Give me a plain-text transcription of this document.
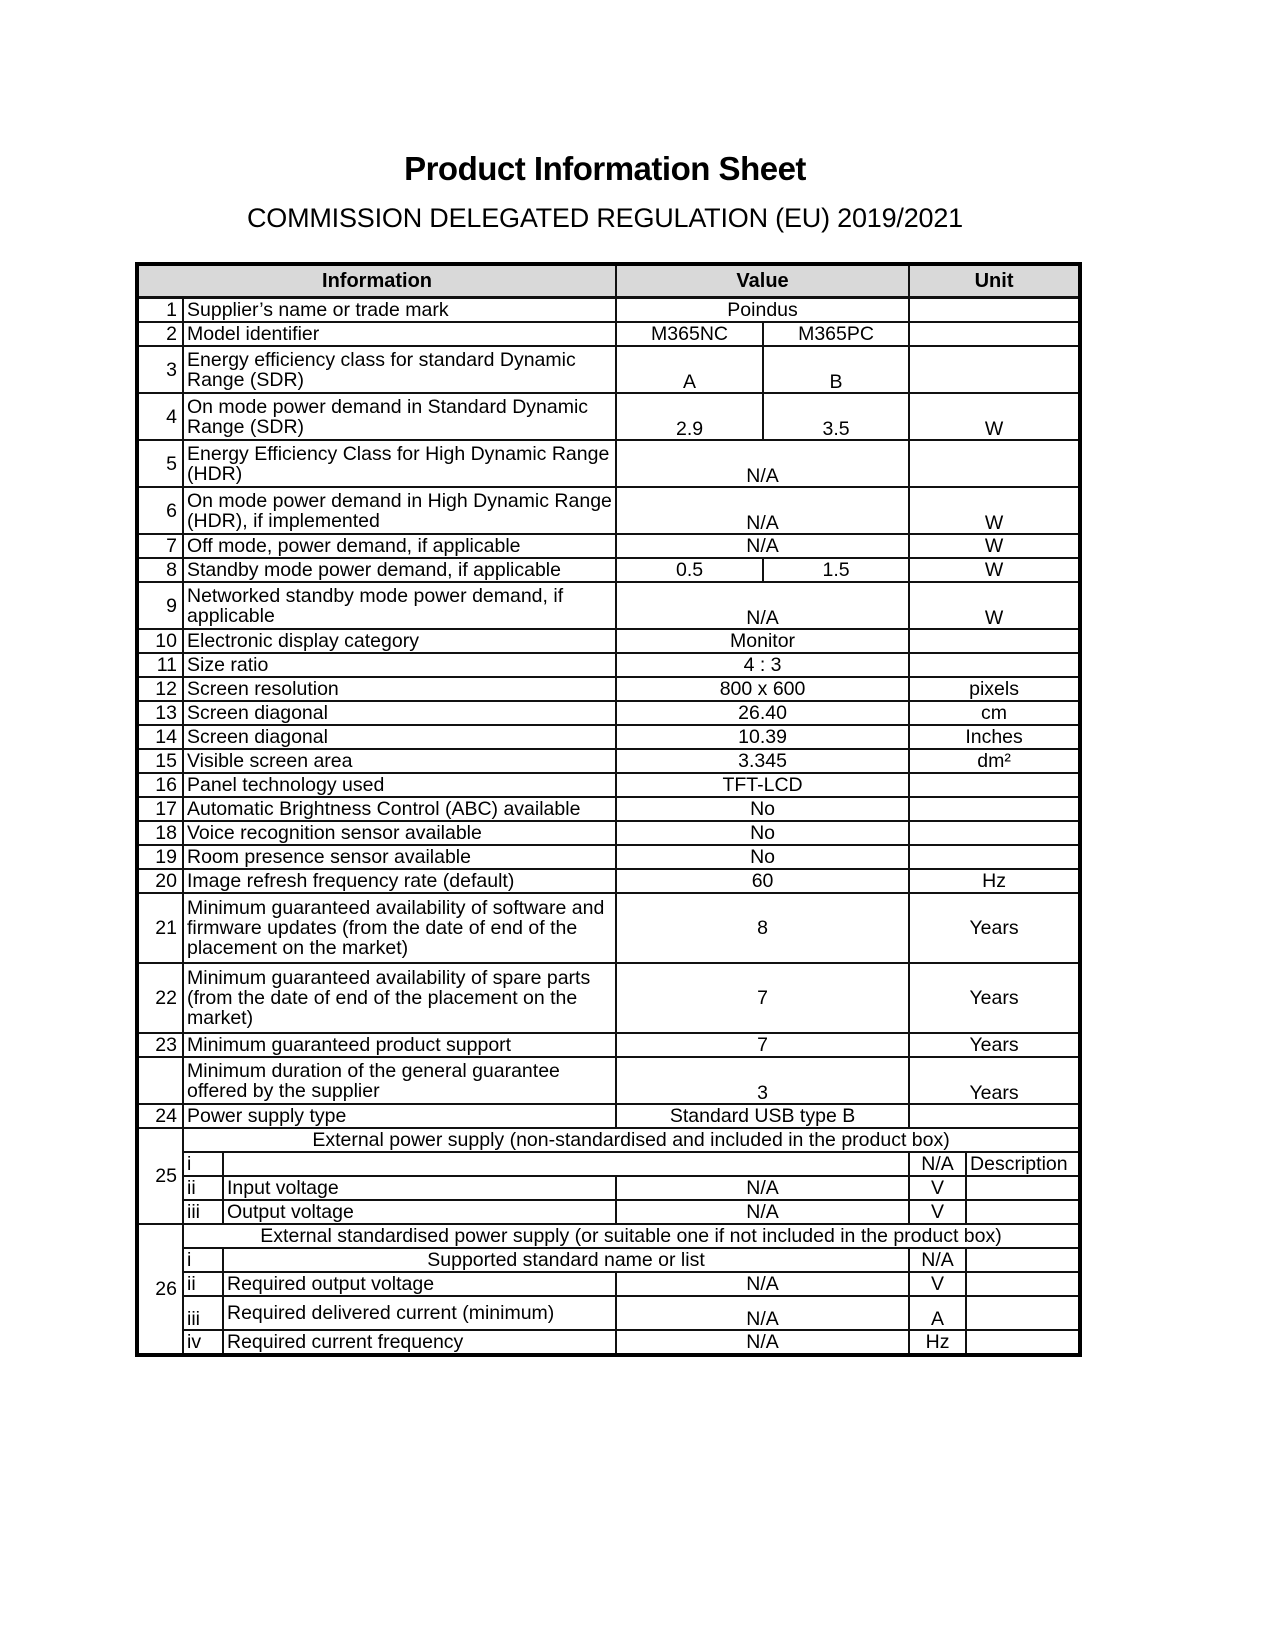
Product Information Sheet
COMMISSION DELEGATED REGULATION (EU) 2019/2021
Information			Value		Unit	
1	Supplier’s name or trade mark		Poindus			
2	Model identifier		M365NC	M365PC		
3	Energy efficiency class for standard Dynamic Range (SDR)		A	B		
4	On mode power demand in Standard Dynamic Range (SDR)		2.9	3.5	W	
5	Energy Efficiency Class for High Dynamic Range (HDR)		N/A			
6	On mode power demand in High Dynamic Range (HDR), if implemented		N/A		W	
7	Off mode, power demand, if applicable		N/A		W	
8	Standby mode power demand, if applicable		0.5	1.5	W	
9	Networked standby mode power demand, if applicable		N/A		W	
10	Electronic display category		Monitor			
11	Size ratio		4 : 3			
12	Screen resolution		800 x 600		pixels	
13	Screen diagonal		26.40		cm	
14	Screen diagonal		10.39		Inches	
15	Visible screen area		3.345		dm²	
16	Panel technology used		TFT-LCD			
17	Automatic Brightness Control (ABC) available		No			
18	Voice recognition sensor available		No			
19	Room presence sensor available		No			
20	Image refresh frequency rate (default)		60		Hz	
21	Minimum guaranteed availability of software and firmware updates (from the date of end of the placement on the market)		8		Years	
22	Minimum guaranteed availability of spare parts (from the date of end of the placement on the market)		7		Years	
23	Minimum guaranteed product support		7		Years	
	Minimum duration of the general guarantee offered by the supplier		3		Years	
24	Power supply type		Standard USB type B			
25	External power supply (non-standardised and included in the product box)					
	i				N/A	Description
	ii	Input voltage	N/A		V	
	iii	Output voltage	N/A		V	
26	External standardised power supply (or suitable one if not included in the product box)					
	i	Supported standard name or list			N/A	
	ii	Required output voltage	N/A		V	
	iii	Required delivered current (minimum)	N/A		A	
	iv	Required current frequency	N/A		Hz	
